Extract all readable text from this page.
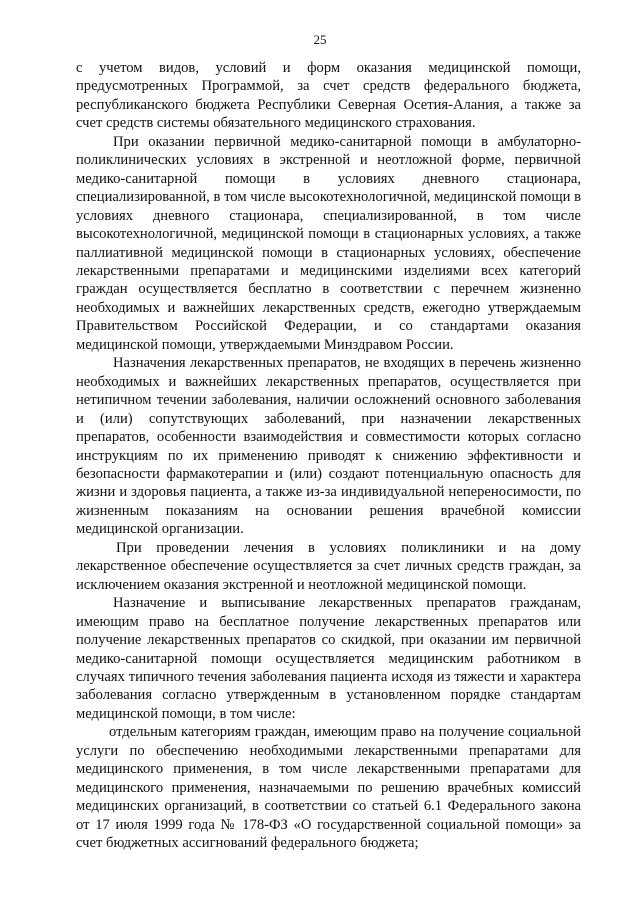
25

с учетом видов, условий и форм оказания медицинской помощи, предусмотренных Программой, за счет средств федерального бюджета, республиканского бюджета Республики Северная Осетия-Алания, а также за счет средств системы обязательного медицинского страхования.

При оказании первичной медико-санитарной помощи в амбулаторно-поликлинических условиях в экстренной и неотложной форме, первичной медико-санитарной помощи в условиях дневного стационара, специализированной, в том числе высокотехнологичной, медицинской помощи в условиях дневного стационара, специализированной, в том числе высокотехнологичной, медицинской помощи в стационарных условиях, а также паллиативной медицинской помощи в стационарных условиях, обеспечение лекарственными препаратами и медицинскими изделиями всех категорий граждан осуществляется бесплатно в соответствии с перечнем жизненно необходимых и важнейших лекарственных средств, ежегодно утверждаемым Правительством Российской Федерации, и со стандартами оказания медицинской помощи, утверждаемыми Минздравом России.

Назначения лекарственных препаратов, не входящих в перечень жизненно необходимых и важнейших лекарственных препаратов, осуществляется при нетипичном течении заболевания, наличии осложнений основного заболевания и (или) сопутствующих заболеваний, при назначении лекарственных препаратов, особенности взаимодействия и совместимости которых согласно инструкциям по их применению приводят к снижению эффективности и безопасности фармакотерапии и (или) создают потенциальную опасность для жизни и здоровья пациента, а также из-за индивидуальной непереносимости, по жизненным показаниям на основании решения врачебной комиссии медицинской организации.

При проведении лечения в условиях поликлиники и на дому лекарственное обеспечение осуществляется за счет личных средств граждан, за исключением оказания экстренной и неотложной медицинской помощи.

Назначение и выписывание лекарственных препаратов гражданам, имеющим право на бесплатное получение лекарственных препаратов или получение лекарственных препаратов со скидкой, при оказании им первичной медико-санитарной помощи осуществляется медицинским работником в случаях типичного течения заболевания пациента исходя из тяжести и характера заболевания согласно утвержденным в установленном порядке стандартам медицинской помощи, в том числе:

отдельным категориям граждан, имеющим право на получение социальной услуги по обеспечению необходимыми лекарственными препаратами для медицинского применения, в том числе лекарственными препаратами для медицинского применения, назначаемыми по решению врачебных комиссий медицинских организаций, в соответствии со статьей 6.1 Федерального закона от 17 июля 1999 года № 178-ФЗ «О государственной социальной помощи» за счет бюджетных ассигнований федерального бюджета;
